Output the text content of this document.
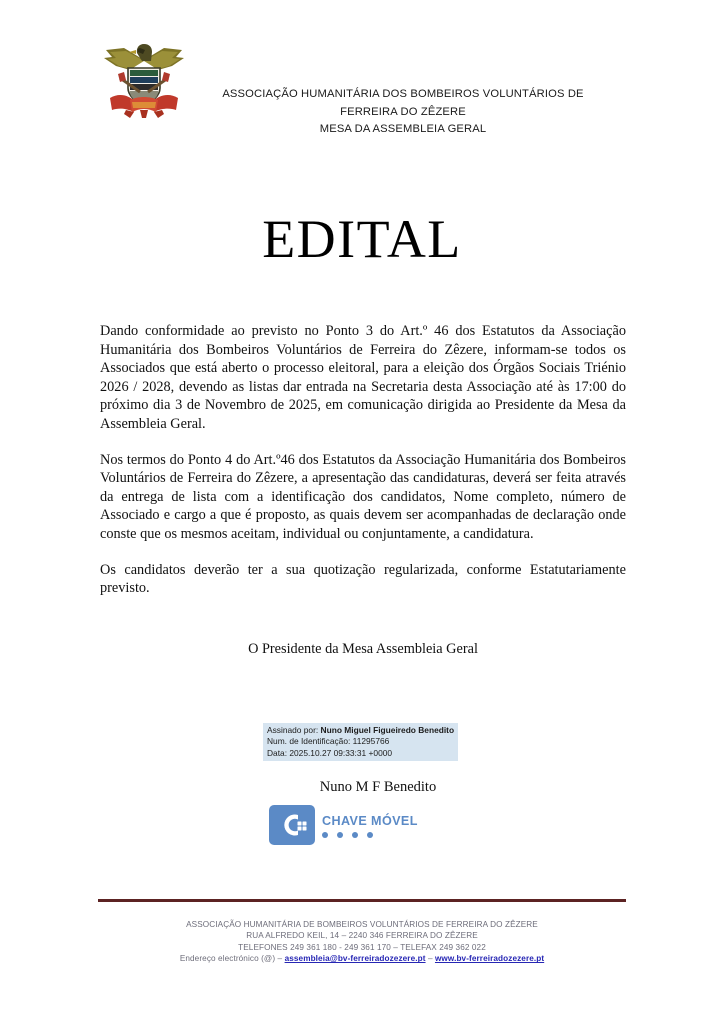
ASSOCIAÇÃO HUMANITÁRIA DOS BOMBEIROS VOLUNTÁRIOS DE
FERREIRA DO ZÊZERE
MESA DA ASSEMBLEIA GERAL
EDITAL

Dando conformidade ao previsto no Ponto 3 do Art.º 46 dos Estatutos da Associação Humanitária dos Bombeiros Voluntários de Ferreira do Zêzere, informam-se todos os Associados que está aberto o processo eleitoral, para a eleição dos Órgãos Sociais Triénio 2026 / 2028, devendo as listas dar entrada na Secretaria desta Associação até às 17:00 do próximo dia 3 de Novembro de 2025, em comunicação dirigida ao Presidente da Mesa da Assembleia Geral.

Nos termos do Ponto 4 do Art.º46 dos Estatutos da Associação Humanitária dos Bombeiros Voluntários de Ferreira do Zêzere, a apresentação das candidaturas, deverá ser feita através da entrega de lista com a identificação dos candidatos, Nome completo, número de Associado e cargo a que é proposto, as quais devem ser acompanhadas de declaração onde conste que os mesmos aceitam, individual ou conjuntamente, a candidatura.

Os candidatos deverão ter a sua quotização regularizada, conforme Estatutariamente previsto.

O Presidente da Mesa Assembleia Geral
Assinado por: Nuno Miguel Figueiredo Benedito
Num. de Identificação: 11295766
Data: 2025.10.27 09:33:31 +0000
Nuno M F Benedito
CHAVE MÓVEL
ASSOCIAÇÃO HUMANITÁRIA DE BOMBEIROS VOLUNTÁRIOS DE FERREIRA DO ZÊZERE
RUA ALFREDO KEIL, 14 – 2240 346 FERREIRA DO ZÊZERE
TELEFONES 249 361 180 - 249 361 170 – TELEFAX 249 362 022
Endereço electrónico (@) – assembleia@bv-ferreiradozezere.pt – www.bv-ferreiradozezere.pt
